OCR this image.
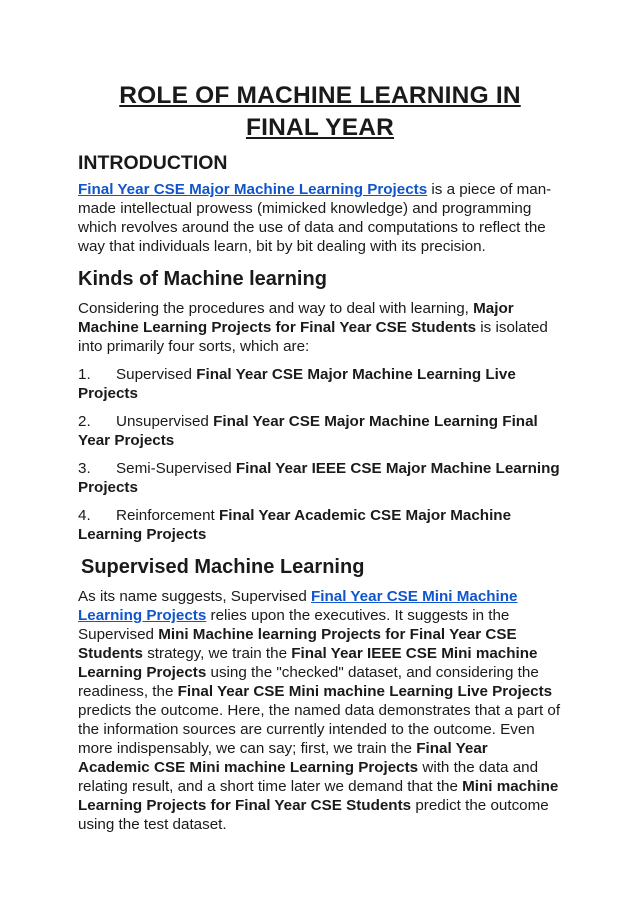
ROLE OF MACHINE LEARNING IN
FINAL YEAR
INTRODUCTION

Final Year CSE Major Machine Learning Projects is a piece of man-made intellectual prowess (mimicked knowledge) and programming which revolves around the use of data and computations to reflect the way that individuals learn, bit by bit dealing with its precision.

Kinds of Machine learning

Considering the procedures and way to deal with learning, Major Machine Learning Projects for Final Year CSE Students is isolated into primarily four sorts, which are:

1. Supervised Final Year CSE Major Machine Learning Live Projects

2. Unsupervised Final Year CSE Major Machine Learning Final Year Projects

3. Semi-Supervised Final Year IEEE CSE Major Machine Learning Projects

4. Reinforcement Final Year Academic CSE Major Machine Learning Projects

Supervised Machine Learning

As its name suggests, Supervised Final Year CSE Mini Machine Learning Projects relies upon the executives. It suggests in the Supervised Mini Machine learning Projects for Final Year CSE Students strategy, we train the Final Year IEEE CSE Mini machine Learning Projects using the "checked" dataset, and considering the readiness, the Final Year CSE Mini machine Learning Live Projects predicts the outcome. Here, the named data demonstrates that a part of the information sources are currently intended to the outcome. Even more indispensably, we can say; first, we train the Final Year Academic CSE Mini machine Learning Projects with the data and relating result, and a short time later we demand that the Mini machine Learning Projects for Final Year CSE Students predict the outcome using the test dataset.
